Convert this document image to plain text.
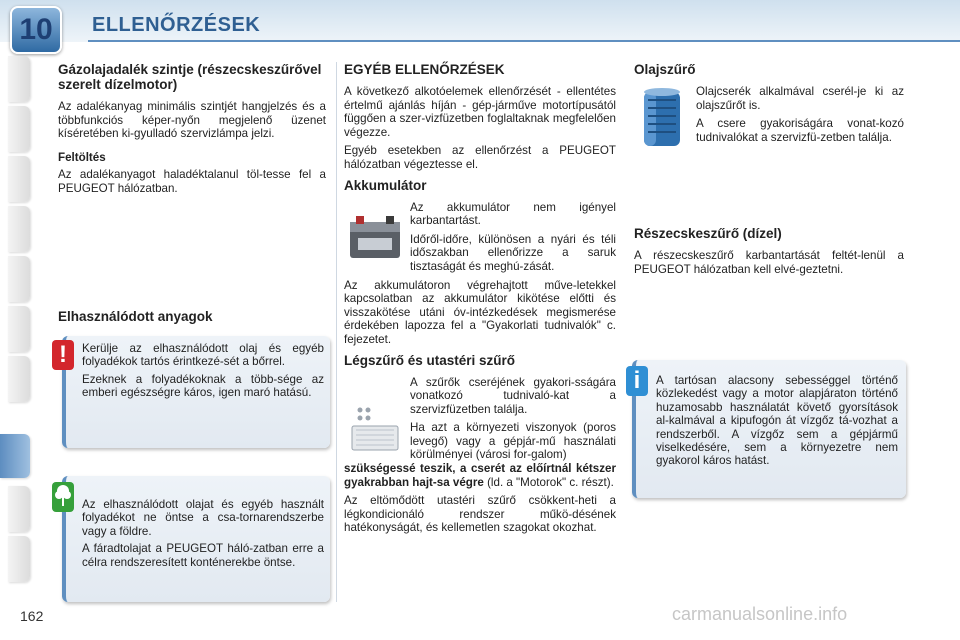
10	ELLENŐRZÉSEK
Gázolajadalék szintje (részecskeszűrővel szerelt dízelmotor)

Az adalékanyag minimális szintjét hangjelzés és a többfunkciós képer-nyőn megjelenő üzenet kíséretében ki-gyulladó szervizlámpa jelzi.

Feltöltés

Az adalékanyagot haladéktalanul töl-tesse fel a PEUGEOT hálózatban.

Elhasználódott anyagok

Kerülje az elhasználódott olaj és egyéb folyadékok tartós érintkezé-sét a bőrrel.

Ezeknek a folyadékoknak a több-sége az emberi egészségre káros, igen maró hatású.

!

Az elhasználódott olajat és egyéb használt folyadékot ne öntse a csa-tornarendszerbe vagy a földre.

A fáradtolajat a PEUGEOT háló-zatban erre a célra rendszeresített konténerekbe öntse.

EGYÉB ELLENŐRZÉSEK

A következő alkotóelemek ellenőrzését - ellentétes értelmű ajánlás híján - gép-járműve motortípusától függően a szer-vizfüzetben foglaltaknak megfelelően végezze.

Egyéb esetekben az ellenőrzést a PEUGEOT hálózatban végeztesse el.

Akkumulátor

Az akkumulátor nem igényel karbantartást.

Időről-időre, különösen a nyári és téli időszakban ellenőrizze a saruk tisztaságát és meghú-zását.

Az akkumulátoron végrehajtott műve-letekkel kapcsolatban az akkumulátor kikötése előtti és visszakötése utáni óv-intézkedések megismerése érdekében lapozza fel a "Gyakorlati tudnivalók" c. fejezetet.

Légszűrő és utastéri szűrő

A szűrők cseréjének gyakori-sságára vonatkozó tudnivaló-kat a szervizfüzetben találja.

Ha azt a környezeti viszonyok (poros levegő) vagy a gépjár-mű használati körülményei (városi for-galom)

szükségessé teszik, a cserét az előírtnál kétszer gyakrabban hajt-sa végre (ld. a "Motorok" c. részt).

Az eltömődött utastéri szűrő csökkent-heti a légkondicionáló rendszer műkö-désének hatékonyságát, és kellemetlen szagokat okozhat.

Olajszűrő

Olajcserék alkalmával cserél-je ki az olajszűrőt is.

A csere gyakoriságára vonat-kozó tudnivalókat a szervizfü-zetben találja.

Részecskeszűrő (dízel)

A részecskeszűrő karbantartását feltét-lenül a PEUGEOT hálózatban kell elvé-geztetni.

A tartósan alacsony sebességgel történő közlekedést vagy a motor alapjáraton történő huzamosabb használatát követő gyorsítások al-kalmával a kipufogón át vízgőz tá-vozhat a rendszerből. A vízgőz sem a gépjármű viselkedésére, sem a környezetre nem gyakorol káros hatást.

i
162	carmanualsonline.info
